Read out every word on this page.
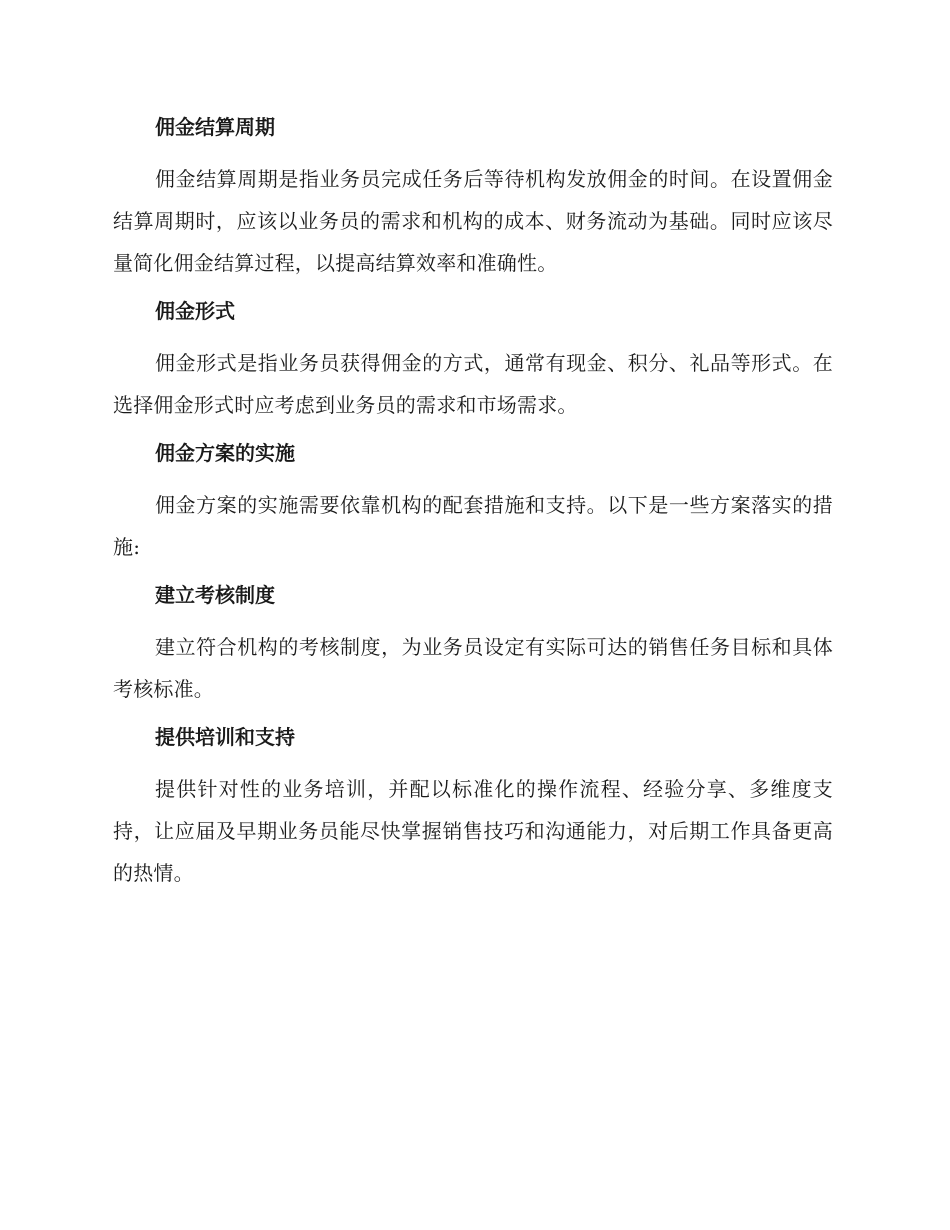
佣金结算周期

佣金结算周期是指业务员完成任务后等待机构发放佣金的时间。在设置佣金结算周期时，应该以业务员的需求和机构的成本、财务流动为基础。同时应该尽量简化佣金结算过程，以提高结算效率和准确性。

佣金形式

佣金形式是指业务员获得佣金的方式，通常有现金、积分、礼品等形式。在选择佣金形式时应考虑到业务员的需求和市场需求。

佣金方案的实施

佣金方案的实施需要依靠机构的配套措施和支持。以下是一些方案落实的措施:

建立考核制度

建立符合机构的考核制度，为业务员设定有实际可达的销售任务目标和具体考核标准。

提供培训和支持

提供针对性的业务培训，并配以标准化的操作流程、经验分享、多维度支持，让应届及早期业务员能尽快掌握销售技巧和沟通能力，对后期工作具备更高的热情。
